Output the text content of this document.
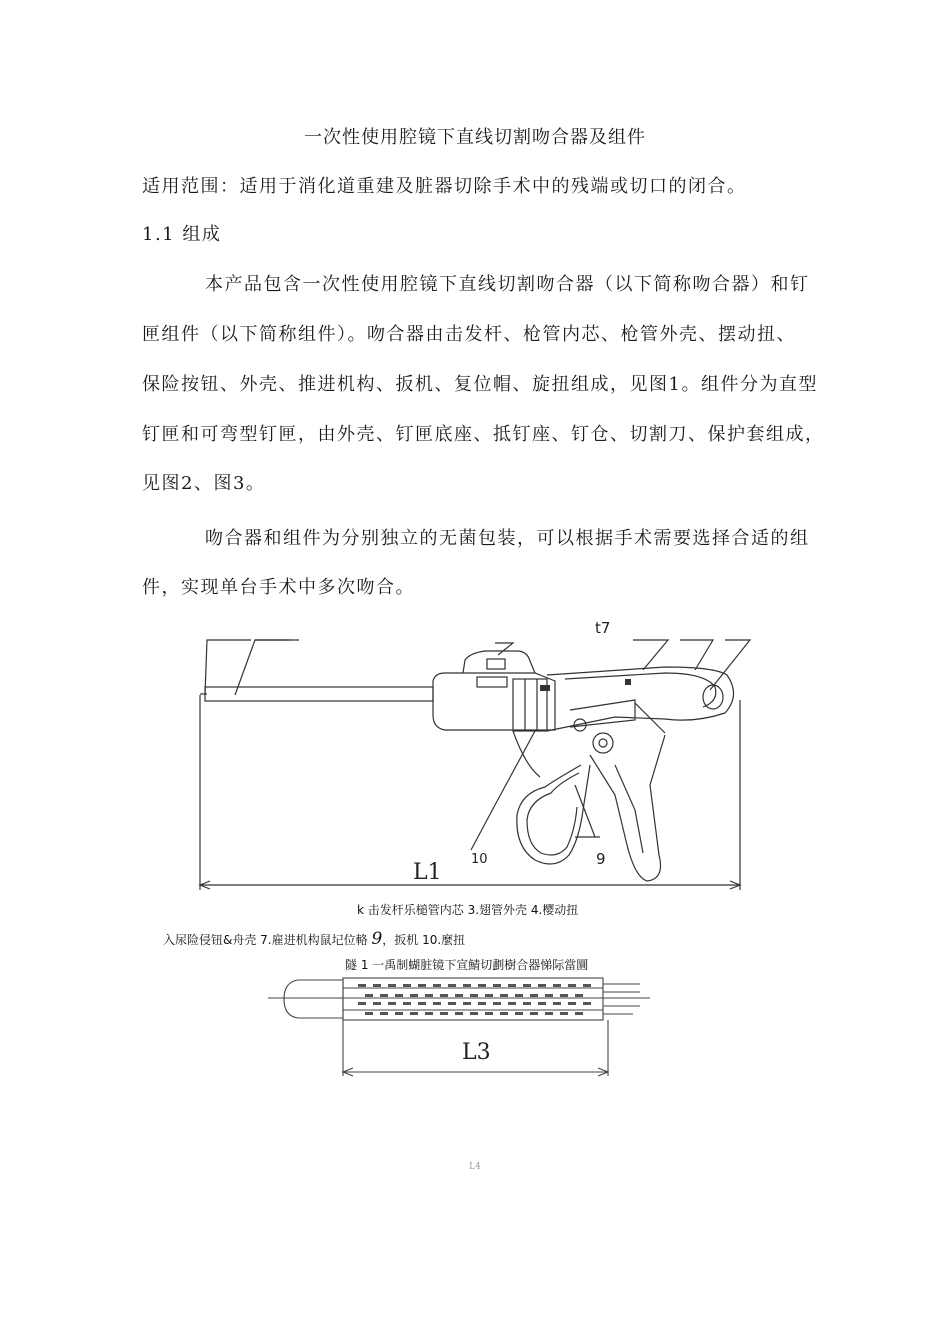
一次性使用腔镜下直线切割吻合器及组件
适用范围：适用于消化道重建及脏器切除手术中的残端或切口的闭合。
1.1 组成
本产品包含一次性使用腔镜下直线切割吻合器（以下简称吻合器）和钉
匣组件（以下简称组件）。吻合器由击发杆、枪管内芯、枪管外壳、摆动扭、
保险按钮、外壳、推进机构、扳机、复位帽、旋扭组成，见图1。组件分为直型
钉匣和可弯型钉匣，由外壳、钉匣底座、抵钉座、钉仓、切割刀、保护套组成，
见图2、图3。
吻合器和组件为分别独立的无菌包装，可以根据手术需要选择合适的组
件，实现单台手术中多次吻合。
t7
10	9
L1
k 击发杆乐槌管内芯 3.翅管外壳 4.樱动扭
入尿险侵钮&舟壳 7.雇进机构鼠圮位輅 9，扳机 10.麼扭
隧 1 一禹制蝴脏镜下宣鯖切劃樹合器悌际當圜
L3
L4
